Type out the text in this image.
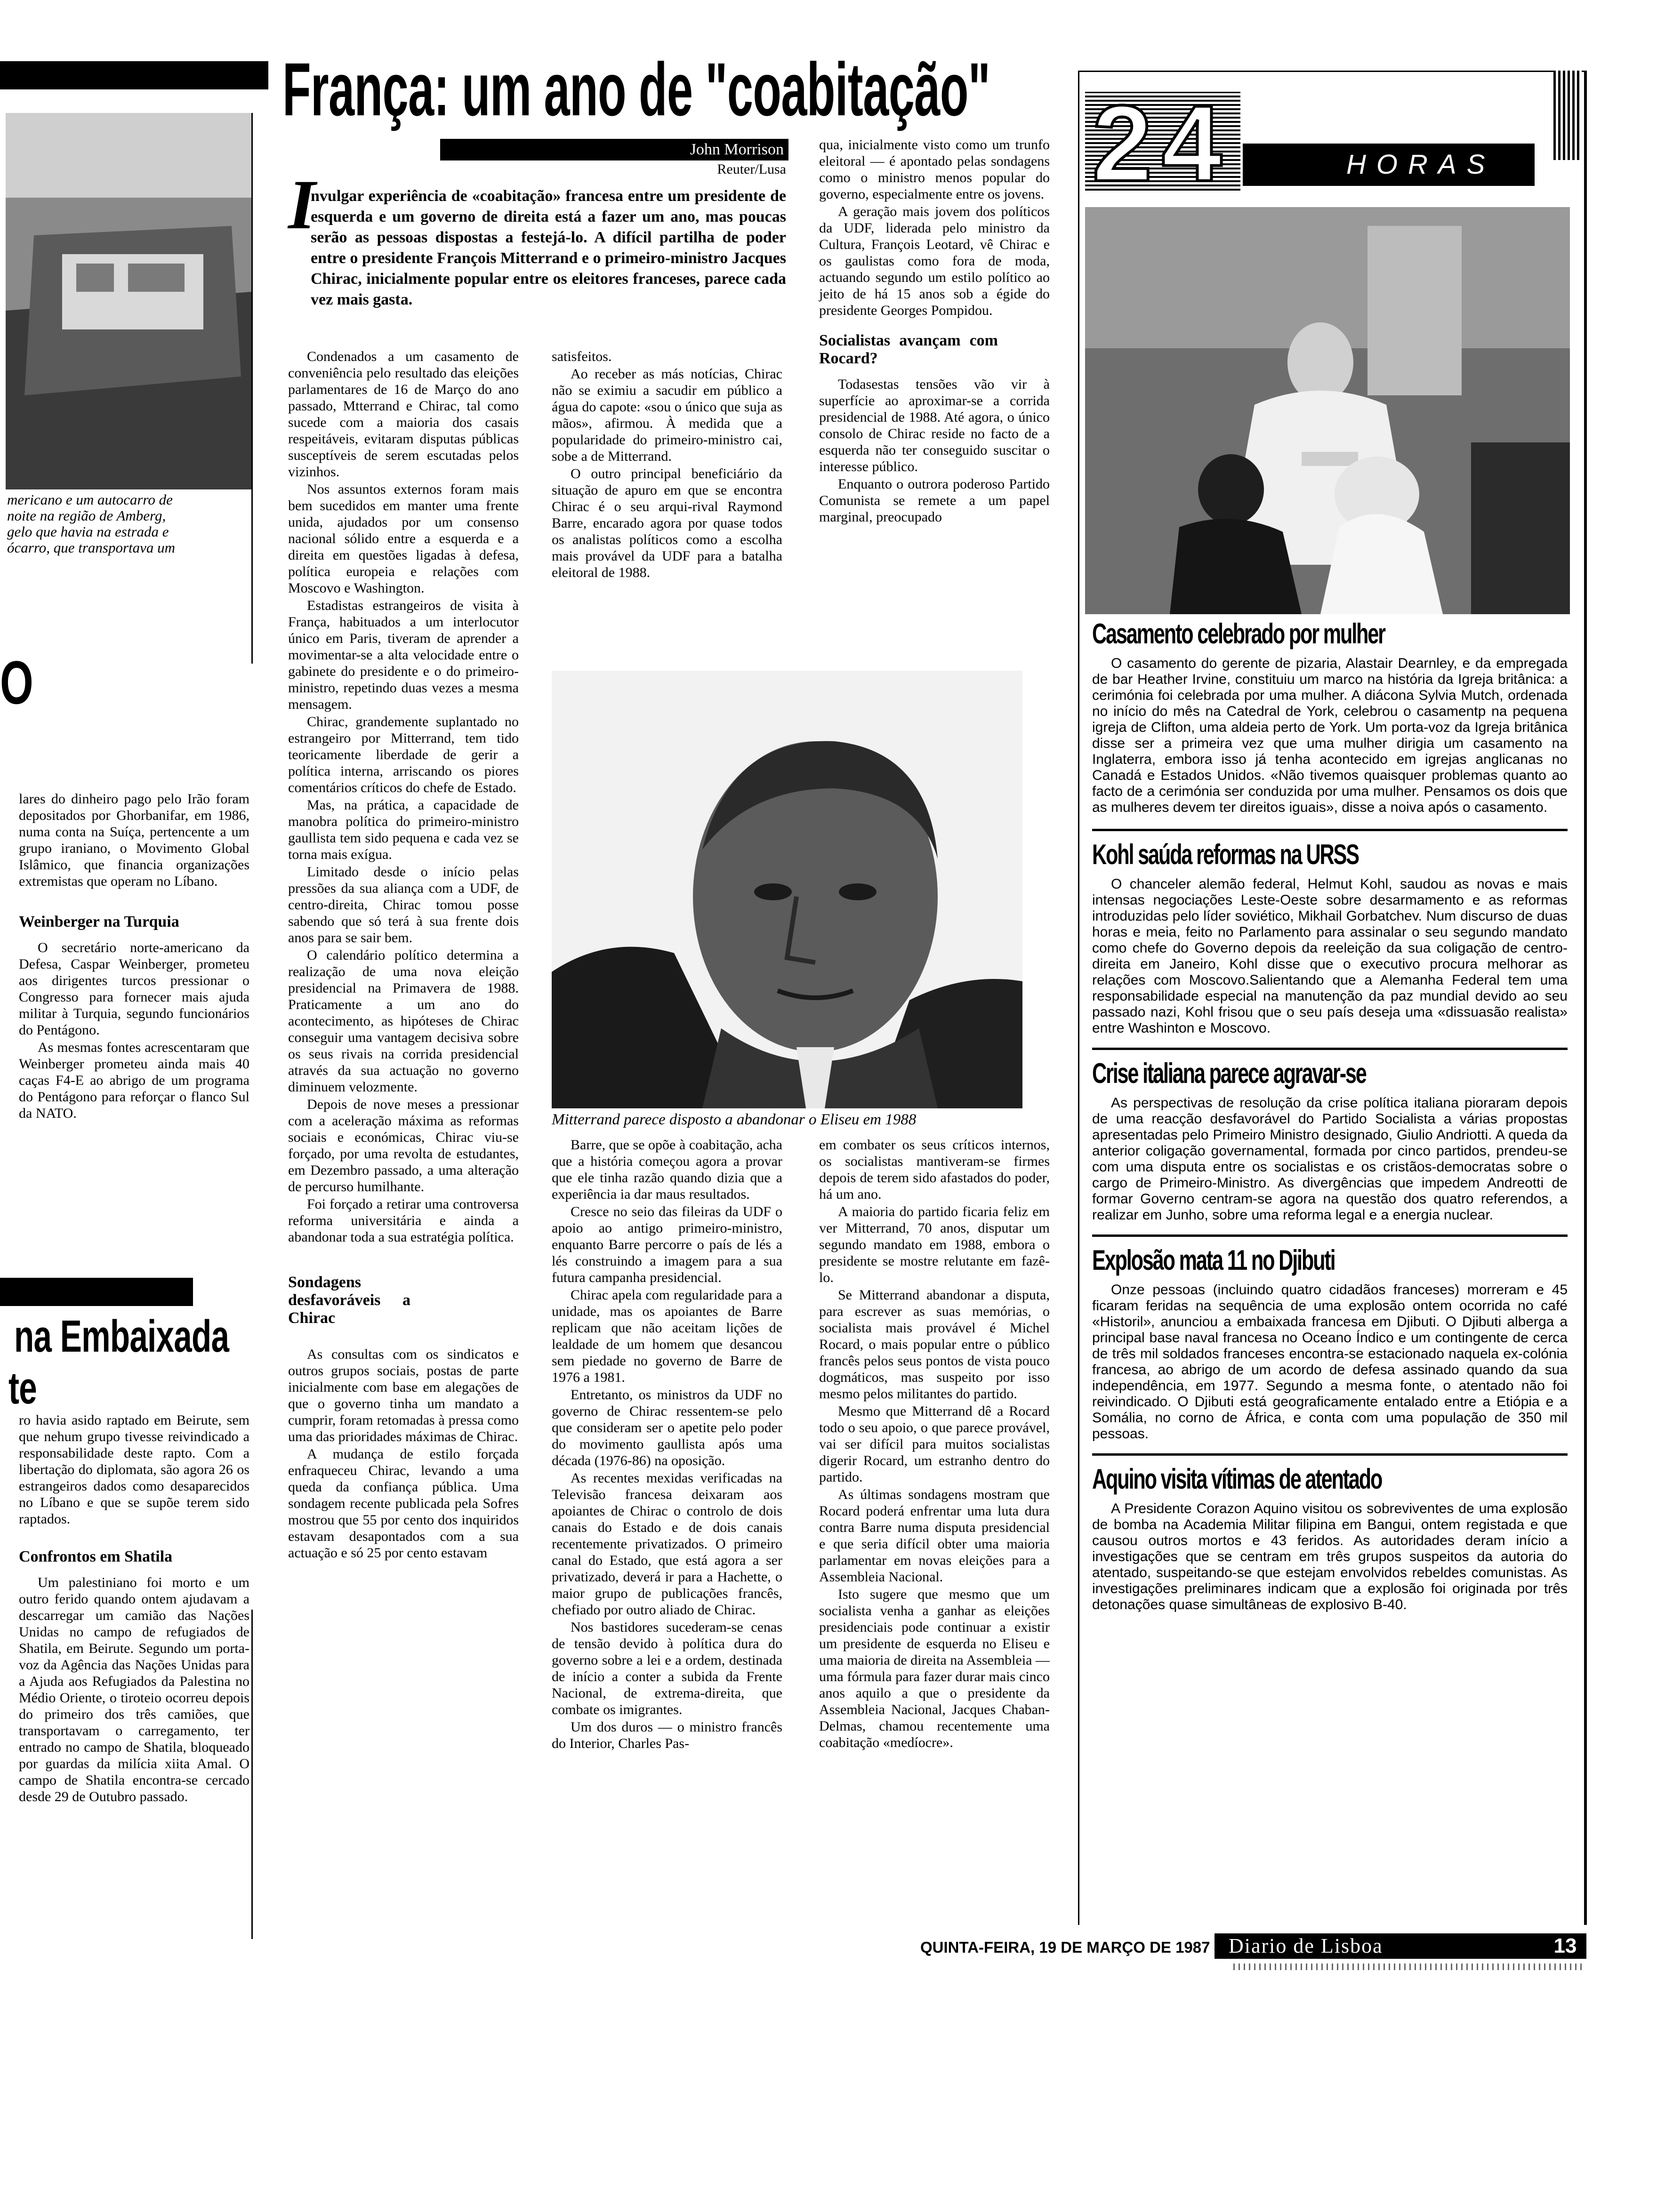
mericano e um autocarro de
noite na região de Amberg,
gelo que havia na estrada e
ócarro, que transportava um
O

lares do dinheiro pago pelo Irão foram depositados por Ghorbanifar, em 1986, numa conta na Suíça, pertencente a um grupo iraniano, o Movimento Global Islâmico, que financia organizações extremistas que operam no Líbano.

Weinberger na Turquia

O secretário norte-americano da Defesa, Caspar Weinberger, prometeu aos dirigentes turcos pressionar o Congresso para fornecer mais ajuda militar à Turquia, segundo funcionários do Pentágono.

As mesmas fontes acrescentaram que Weinberger prometeu ainda mais 40 caças F4-E ao abrigo de um programa do Pentágono para reforçar o flanco Sul da NATO.

na Embaixada
te

ro havia asido raptado em Beirute, sem que nehum grupo tivesse reivindicado a responsabilidade deste rapto. Com a libertação do diplomata, são agora 26 os estrangeiros dados como desaparecidos no Líbano e que se supõe terem sido raptados.

Confrontos em Shatila

Um palestiniano foi morto e um outro ferido quando ontem ajudavam a descarregar um camião das Nações Unidas no campo de refugiados de Shatila, em Beirute. Segundo um porta-voz da Agência das Nações Unidas para a Ajuda aos Refugiados da Palestina no Médio Oriente, o tiroteio ocorreu depois do primeiro dos três camiões, que transportavam o carregamento, ter entrado no campo de Shatila, bloqueado por guardas da milícia xiita Amal. O campo de Shatila encontra-se cercado desde 29 de Outubro passado.

França: um ano de "coabitação"
John Morrison
Reuter/Lusa
I
nvulgar experiência de «coabitação» francesa entre um presidente de esquerda e um governo de direita está a fazer um ano, mas poucas serão as pessoas dispostas a festejá-lo. A difícil partilha de poder entre o presidente François Mitterrand e o primeiro-ministro Jacques Chirac, inicialmente popular entre os eleitores franceses, parece cada vez mais gasta.

Condenados a um casamento de conveniência pelo resultado das eleições parlamentares de 16 de Março do ano passado, Mtterrand e Chirac, tal como sucede com a maioria dos casais respeitáveis, evitaram disputas públicas susceptíveis de serem escutadas pelos vizinhos.

Nos assuntos externos foram mais bem sucedidos em manter uma frente unida, ajudados por um consenso nacional sólido entre a esquerda e a direita em questões ligadas à defesa, política europeia e relações com Moscovo e Washington.

Estadistas estrangeiros de visita à França, habituados a um interlocutor único em Paris, tiveram de aprender a movimentar-se a alta velocidade entre o gabinete do presidente e o do primeiro-ministro, repetindo duas vezes a mesma mensagem.

Chirac, grandemente suplantado no estrangeiro por Mitterrand, tem tido teoricamente liberdade de gerir a política interna, arriscando os piores comentários críticos do chefe de Estado.

Mas, na prática, a capacidade de manobra política do primeiro-ministro gaullista tem sido pequena e cada vez se torna mais exígua.

Limitado desde o início pelas pressões da sua aliança com a UDF, de centro-direita, Chirac tomou posse sabendo que só terá à sua frente dois anos para se sair bem.

O calendário político determina a realização de uma nova eleição presidencial na Primavera de 1988. Praticamente a um ano do acontecimento, as hipóteses de Chirac conseguir uma vantagem decisiva sobre os seus rivais na corrida presidencial através da sua actuação no governo diminuem velozmente.

Depois de nove meses a pressionar com a aceleração máxima as reformas sociais e económicas, Chirac viu-se forçado, por uma revolta de estudantes, em Dezembro passado, a uma alteração de percurso humilhante.

Foi forçado a retirar uma controversa reforma universitária e ainda a abandonar toda a sua estratégia política.

Sondagens desfavoráveis a Chirac

As consultas com os sindicatos e outros grupos sociais, postas de parte inicialmente com base em alegações de que o governo tinha um mandato a cumprir, foram retomadas à pressa como uma das prioridades máximas de Chirac.

A mudança de estilo forçada enfraqueceu Chirac, levando a uma queda da confiança pública. Uma sondagem recente publicada pela Sofres mostrou que 55 por cento dos inquiridos estavam desapontados com a sua actuação e só 25 por cento estavam

satisfeitos.

Ao receber as más notícias, Chirac não se eximiu a sacudir em público a água do capote: «sou o único que suja as mãos», afirmou. À medida que a popularidade do primeiro-ministro cai, sobe a de Mitterrand.

O outro principal beneficiário da situação de apuro em que se encontra Chirac é o seu arqui-rival Raymond Barre, encarado agora por quase todos os analistas políticos como a escolha mais provável da UDF para a batalha eleitoral de 1988.

qua, inicialmente visto como um trunfo eleitoral — é apontado pelas sondagens como o ministro menos popular do governo, especialmente entre os jovens.

A geração mais jovem dos políticos da UDF, liderada pelo ministro da Cultura, François Leotard, vê Chirac e os gaulistas como fora de moda, actuando segundo um estilo político ao jeito de há 15 anos sob a égide do presidente Georges Pompidou.

Socialistas avançam com Rocard?

Todasestas tensões vão vir à superfície ao aproximar-se a corrida presidencial de 1988. Até agora, o único consolo de Chirac reside no facto de a esquerda não ter conseguido suscitar o interesse público.

Enquanto o outrora poderoso Partido Comunista se remete a um papel marginal, preocupado

Mitterrand parece disposto a abandonar o Eliseu em 1988

Barre, que se opõe à coabitação, acha que a história começou agora a provar que ele tinha razão quando dizia que a experiência ia dar maus resultados.

Cresce no seio das fileiras da UDF o apoio ao antigo primeiro-ministro, enquanto Barre percorre o país de lés a lés construindo a imagem para a sua futura campanha presidencial.

Chirac apela com regularidade para a unidade, mas os apoiantes de Barre replicam que não aceitam lições de lealdade de um homem que desancou sem piedade no governo de Barre de 1976 a 1981.

Entretanto, os ministros da UDF no governo de Chirac ressentem-se pelo que consideram ser o apetite pelo poder do movimento gaullista após uma década (1976-86) na oposição.

As recentes mexidas verificadas na Televisão francesa deixaram aos apoiantes de Chirac o controlo de dois canais do Estado e de dois canais recentemente privatizados. O primeiro canal do Estado, que está agora a ser privatizado, deverá ir para a Hachette, o maior grupo de publicações francês, chefiado por outro aliado de Chirac.

Nos bastidores sucederam-se cenas de tensão devido à política dura do governo sobre a lei e a ordem, destinada de início a conter a subida da Frente Nacional, de extrema-direita, que combate os imigrantes.

Um dos duros — o ministro francês do Interior, Charles Pas-

em combater os seus críticos internos, os socialistas mantiveram-se firmes depois de terem sido afastados do poder, há um ano.

A maioria do partido ficaria feliz em ver Mitterrand, 70 anos, disputar um segundo mandato em 1988, embora o presidente se mostre relutante em fazê-lo.

Se Mitterrand abandonar a disputa, para escrever as suas memórias, o socialista mais provável é Michel Rocard, o mais popular entre o público francês pelos seus pontos de vista pouco dogmáticos, mas suspeito por isso mesmo pelos militantes do partido.

Mesmo que Mitterrand dê a Rocard todo o seu apoio, o que parece provável, vai ser difícil para muitos socialistas digerir Rocard, um estranho dentro do partido.

As últimas sondagens mostram que Rocard poderá enfrentar uma luta dura contra Barre numa disputa presidencial e que seria difícil obter uma maioria parlamentar em novas eleições para a Assembleia Nacional.

Isto sugere que mesmo que um socialista venha a ganhar as eleições presidenciais pode continuar a existir um presidente de esquerda no Eliseu e uma maioria de direita na Assembleia — uma fórmula para fazer durar mais cinco anos aquilo a que o presidente da Assembleia Nacional, Jacques Chaban-Delmas, chamou recentemente uma coabitação «medíocre».

24	HORAS
Casamento celebrado por mulher
O casamento do gerente de pizaria, Alastair Dearnley, e da empregada de bar Heather Irvine, constituiu um marco na história da Igreja britânica: a cerimónia foi celebrada por uma mulher. A diácona Sylvia Mutch, ordenada no início do mês na Catedral de York, celebrou o casamentp na pequena igreja de Clifton, uma aldeia perto de York. Um porta-voz da Igreja britânica disse ser a primeira vez que uma mulher dirigia um casamento na Inglaterra, embora isso já tenha acontecido em igrejas anglicanas no Canadá e Estados Unidos. «Não tivemos quaisquer problemas quanto ao facto de a cerimónia ser conduzida por uma mulher. Pensamos os dois que as mulheres devem ter direitos iguais», disse a noiva após o casamento.
Kohl saúda reformas na URSS
O chanceler alemão federal, Helmut Kohl, saudou as novas e mais intensas negociações Leste-Oeste sobre desarmamento e as reformas introduzidas pelo líder soviético, Mikhail Gorbatchev. Num discurso de duas horas e meia, feito no Parlamento para assinalar o seu segundo mandato como chefe do Governo depois da reeleição da sua coligação de centro-direita em Janeiro, Kohl disse que o executivo procura melhorar as relações com Moscovo.Salientando que a Alemanha Federal tem uma responsabilidade especial na manutenção da paz mundial devido ao seu passado nazi, Kohl frisou que o seu país deseja uma «dissuasão realista» entre Washinton e Moscovo.
Crise italiana parece agravar-se
As perspectivas de resolução da crise política italiana pioraram depois de uma reacção desfavorável do Partido Socialista a várias propostas apresentadas pelo Primeiro Ministro designado, Giulio Andriotti. A queda da anterior coligação governamental, formada por cinco partidos, prendeu-se com uma disputa entre os socialistas e os cristãos-democratas sobre o cargo de Primeiro-Ministro. As divergências que impedem Andreotti de formar Governo centram-se agora na questão dos quatro referendos, a realizar em Junho, sobre uma reforma legal e a energia nuclear.
Explosão mata 11 no Djibuti
Onze pessoas (incluindo quatro cidadãos franceses) morreram e 45 ficaram feridas na sequência de uma explosão ontem ocorrida no café «Historil», anunciou a embaixada francesa em Djibuti. O Djibuti alberga a principal base naval francesa no Oceano Índico e um contingente de cerca de três mil soldados franceses encontra-se estacionado naquela ex-colónia francesa, ao abrigo de um acordo de defesa assinado quando da sua independência, em 1977. Segundo a mesma fonte, o atentado não foi reivindicado. O Djibuti está geograficamente entalado entre a Etiópia e a Somália, no corno de África, e conta com uma população de 350 mil pessoas.
Aquino visita vítimas de atentado
A Presidente Corazon Aquino visitou os sobreviventes de uma explosão de bomba na Academia Militar filipina em Bangui, ontem registada e que causou outros mortos e 43 feridos. As autoridades deram início a investigações que se centram em três grupos suspeitos da autoria do atentado, suspeitando-se que estejam envolvidos rebeldes comunistas. As investigações preliminares indicam que a explosão foi originada por três detonações quase simultâneas de explosivo B-40.
QUINTA-FEIRA, 19 DE MARÇO DE 1987 Diario de Lisboa	13
